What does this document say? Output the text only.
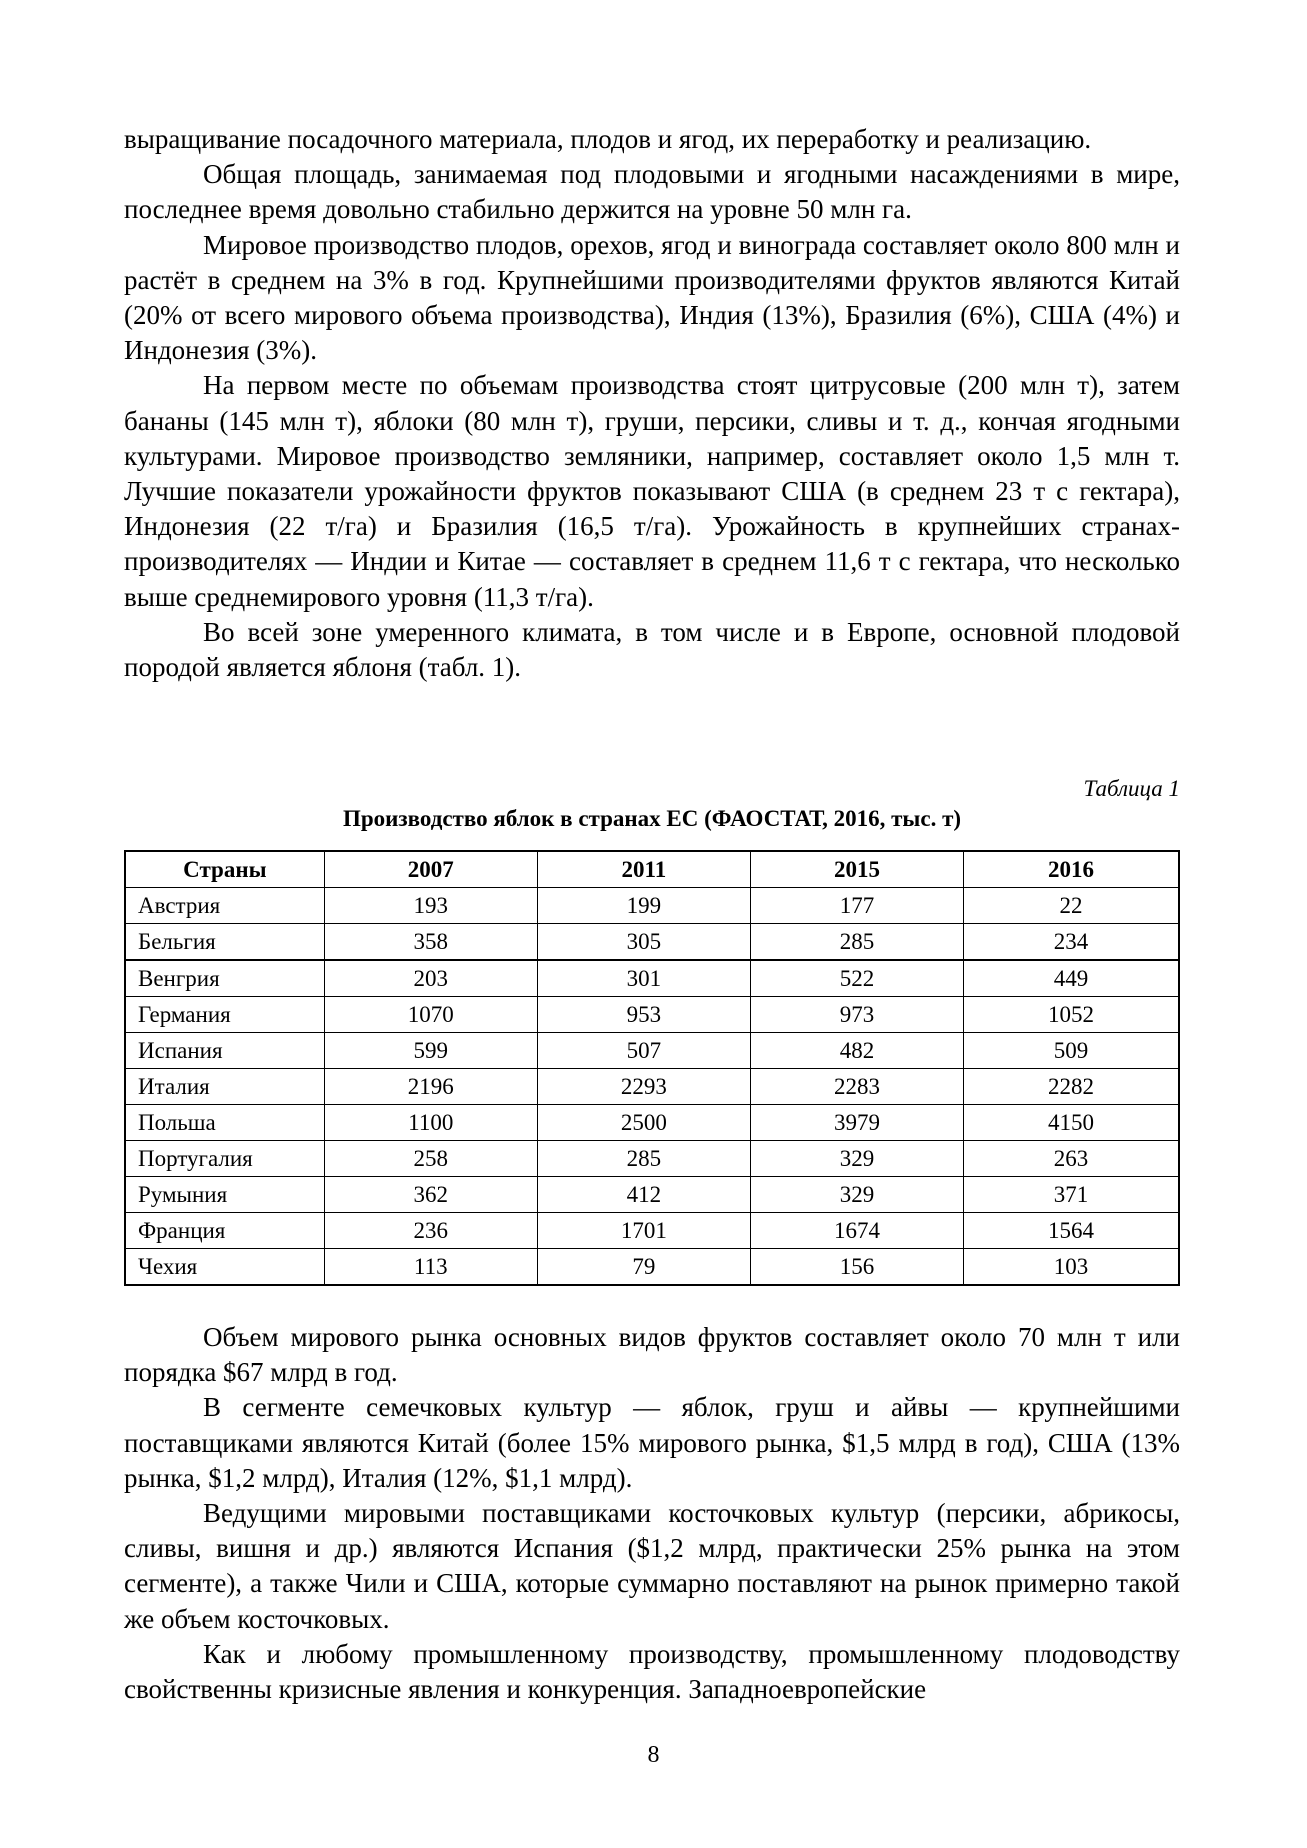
выращивание посадочного материала, плодов и ягод, их переработку и реализацию.

Общая площадь, занимаемая под плодовыми и ягодными насаждениями в мире, последнее время довольно стабильно держится на уровне 50 млн га.

Мировое производство плодов, орехов, ягод и винограда составляет около 800 млн и растёт в среднем на 3% в год. Крупнейшими производителями фруктов являются Китай (20% от всего мирового объема производства), Индия (13%), Бразилия (6%), США (4%) и Индонезия (3%).

На первом месте по объемам производства стоят цитрусовые (200 млн т), затем бананы (145 млн т), яблоки (80 млн т), груши, персики, сливы и т. д., кончая ягодными культурами. Мировое производство земляники, например, составляет около 1,5 млн т. Лучшие показатели урожайности фруктов показывают США (в среднем 23 т с гектара), Индонезия (22 т/га) и Бразилия (16,5 т/га). Урожайность в крупнейших странах-производителях — Индии и Китае — составляет в среднем 11,6 т с гектара, что несколько выше среднемирового уровня (11,3 т/га).

Во всей зоне умеренного климата, в том числе и в Европе, основной плодовой породой является яблоня (табл. 1).

Таблица 1
Производство яблок в странах ЕС (ФАОСТАТ, 2016, тыс. т)
Страны	2007	2011	2015	2016
Австрия	193	199	177	22
Бельгия	358	305	285	234
Венгрия	203	301	522	449
Германия	1070	953	973	1052
Испания	599	507	482	509
Италия	2196	2293	2283	2282
Польша	1100	2500	3979	4150
Португалия	258	285	329	263
Румыния	362	412	329	371
Франция	236	1701	1674	1564
Чехия	113	79	156	103

Объем мирового рынка основных видов фруктов составляет около 70 млн т или порядка $67 млрд в год.

В сегменте семечковых культур — яблок, груш и айвы — крупнейшими поставщиками являются Китай (более 15% мирового рынка, $1,5 млрд в год), США (13% рынка, $1,2 млрд), Италия (12%, $1,1 млрд).

Ведущими мировыми поставщиками косточковых культур (персики, абрикосы, сливы, вишня и др.) являются Испания ($1,2 млрд, практически 25% рынка на этом сегменте), а также Чили и США, которые суммарно поставляют на рынок примерно такой же объем косточковых.

Как и любому промышленному производству, промышленному плодоводству свойственны кризисные явления и конкуренция. Западноевропейские

8
